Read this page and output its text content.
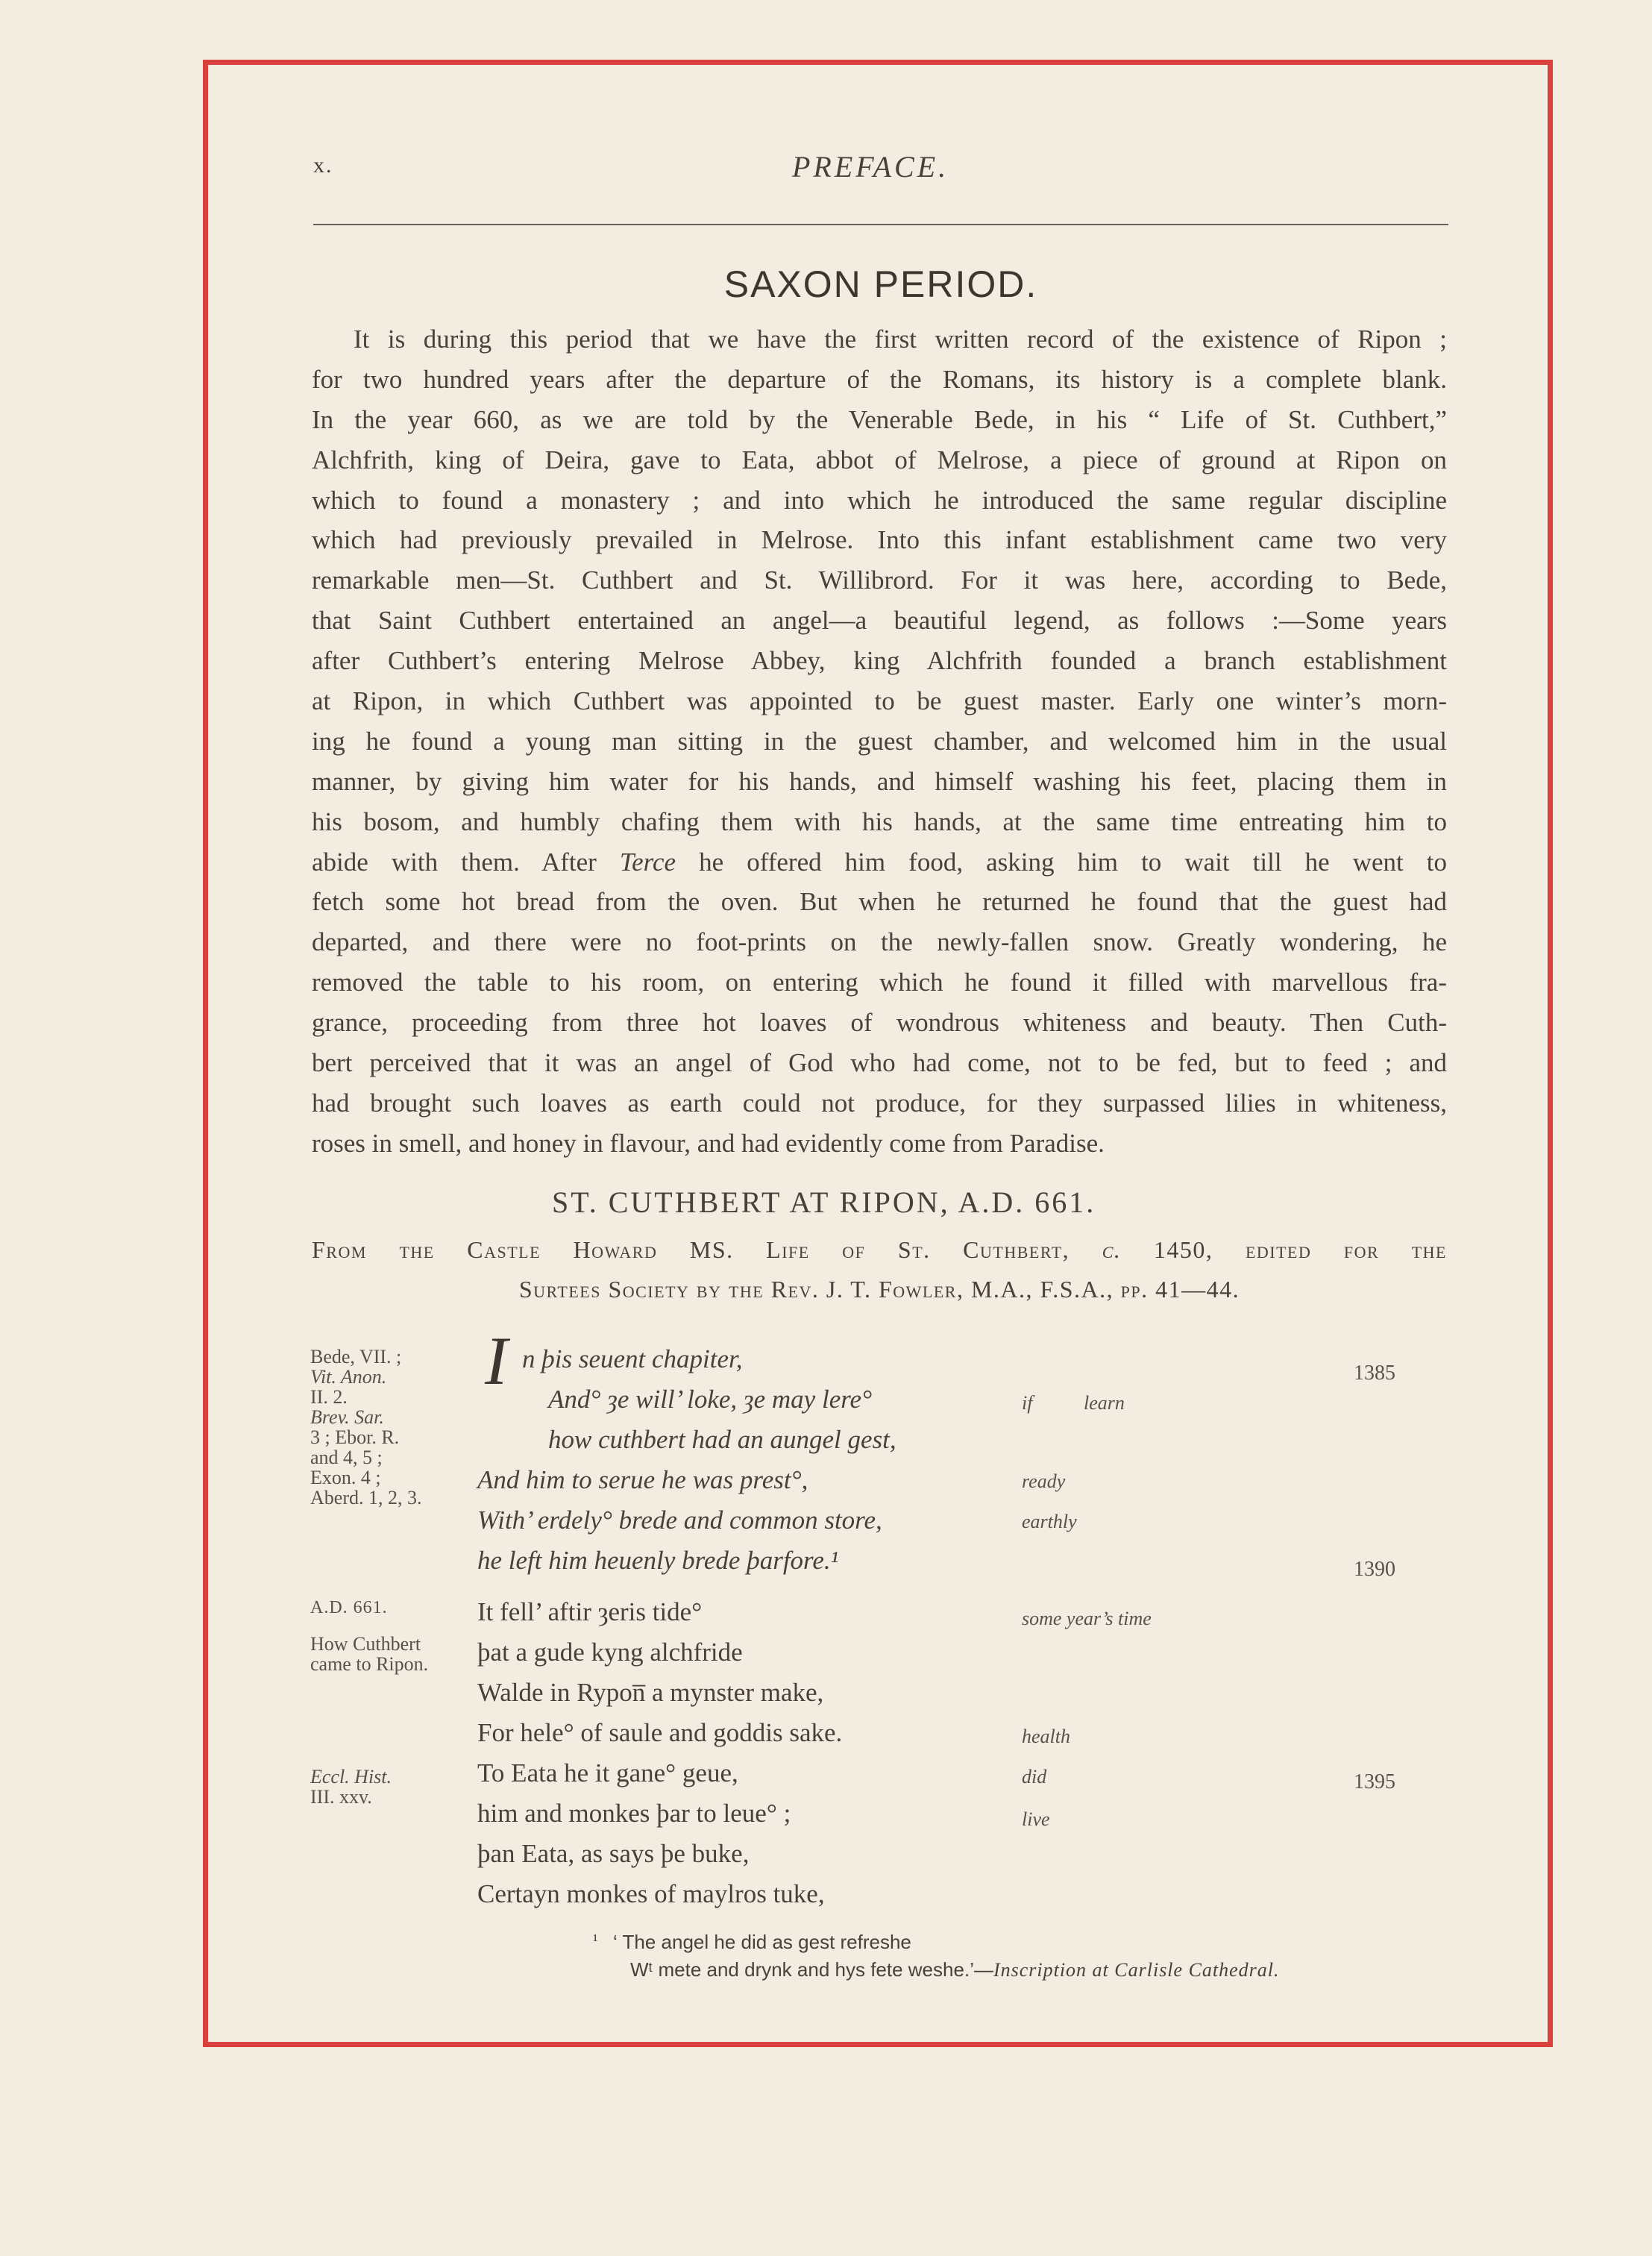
x.	PREFACE.
SAXON PERIOD.
It is during this period that we have the first written record of the existence of Ripon ;
for two hundred years after the departure of the Romans, its history is a complete blank.
In the year 660, as we are told by the Venerable Bede, in his “ Life of St. Cuthbert,”
Alchfrith, king of Deira, gave to Eata, abbot of Melrose, a piece of ground at Ripon on
which to found a monastery ; and into which he introduced the same regular discipline
which had previously prevailed in Melrose. Into this infant establishment came two very
remarkable men—St. Cuthbert and St. Willibrord. For it was here, according to Bede,
that Saint Cuthbert entertained an angel—a beautiful legend, as follows :—Some years
after Cuthbert’s entering Melrose Abbey, king Alchfrith founded a branch establishment
at Ripon, in which Cuthbert was appointed to be guest master. Early one winter’s morn-
ing he found a young man sitting in the guest chamber, and welcomed him in the usual
manner, by giving him water for his hands, and himself washing his feet, placing them in
his bosom, and humbly chafing them with his hands, at the same time entreating him to
abide with them. After Terce he offered him food, asking him to wait till he went to
fetch some hot bread from the oven. But when he returned he found that the guest had
departed, and there were no foot-prints on the newly-fallen snow. Greatly wondering, he
removed the table to his room, on entering which he found it filled with marvellous fra-
grance, proceeding from three hot loaves of wondrous whiteness and beauty. Then Cuth-
bert perceived that it was an angel of God who had come, not to be fed, but to feed ; and
had brought such loaves as earth could not produce, for they surpassed lilies in whiteness,
roses in smell, and honey in flavour, and had evidently come from Paradise.
ST. CUTHBERT AT RIPON, A.D. 661.
From the Castle Howard MS. Life of St. Cuthbert, c. 1450, edited for the
Surtees Society by the Rev. J. T. Fowler, M.A., F.S.A., pp. 41—44.
Bede, VII. ;
Vit. Anon.
II. 2.
Brev. Sar.
3 ; Ebor. R.
and 4, 5 ;
Exon. 4 ;
Aberd. 1, 2, 3.
A.D. 661.
How Cuthbert
came to Ripon.
Eccl. Hist.
III. xxv.
I n þis seuent chapiter,
And° ȝe will’ loke, ȝe may lere°
how cuthbert had an aungel gest,
And him to serue he was prest°,
With’ erdely° brede and common store,
he left him heuenly brede þarfore.¹
It fell’ aftir ȝeris tide°
þat a gude kyng alchfride
Walde in Rypon̅ a mynster make,
For hele° of saule and goddis sake.
To Eata he it gane° geue,
him and monkes þar to leue° ;
þan Eata, as says þe buke,
Certayn monkes of maylros tuke,
if	learn
ready
earthly
some year’s time
health
did
live
1385
1390
1395
¹ ‘ The angel he did as gest refreshe
Wᵗ mete and drynk and hys fete weshe.’—Inscription at Carlisle Cathedral.
